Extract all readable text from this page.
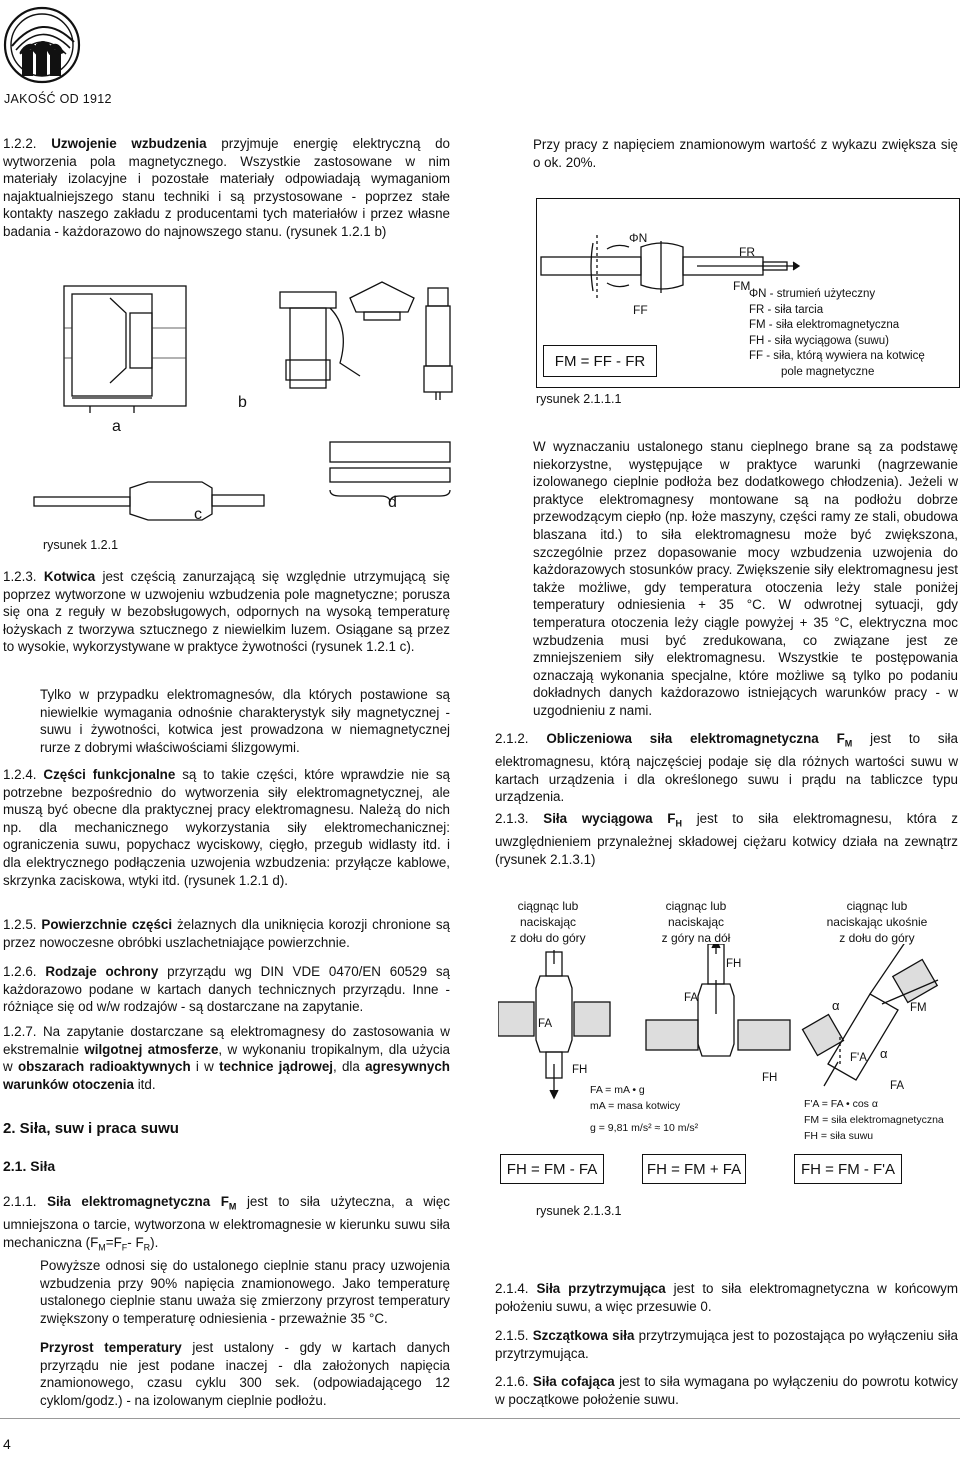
JAKOŚĆ OD 1912
1.2.2. Uzwojenie wzbudzenia przyjmuje energię elektryczną do wytworzenia pola magnetycznego. Wszystkie zastosowane w nim materiały izolacyjne i pozostałe materiały odpowiadają wymaganiom najaktualniejszego stanu techniki i są przystosowane - poprzez stałe kontakty naszego zakładu z producentami tych materiałów i przez własne badania - każdorazowo do najnowszego stanu. (rysunek 1.2.1 b)
a
b
c
d
rysunek 1.2.1
1.2.3. Kotwica jest częścią zanurzającą się względnie utrzymującą się poprzez wytworzone w uzwojeniu wzbudzenia pole magnetyczne; porusza się ona z reguły w bezobsługowych, odpornych na wysoką temperaturę łożyskach z tworzywa sztucznego z niewielkim luzem. Osiągane są przez to wysokie, wykorzystywane w praktyce żywotności (rysunek 1.2.1 c).
Tylko w przypadku elektromagnesów, dla których postawione są niewielkie wymagania odnośnie charakterystyk siły magnetycznej - suwu i żywotności, kotwica jest prowadzona w niemagnetycznej rurze z dobrymi właściwościami ślizgowymi.
1.2.4. Części funkcjonalne są to takie części, które wprawdzie nie są potrzebne bezpośrednio do wytworzenia siły elektromagnetycznej, ale muszą być obecne dla praktycznej pracy elektromagnesu. Należą do nich np. dla mechanicznego wykorzystania siły elektromechanicznej: ograniczenia suwu, popychacz wyciskowy, cięgło, przegub widlasty itd. i dla elektrycznego podłączenia uzwojenia wzbudzenia: przyłącze kablowe, skrzynka zaciskowa, wtyki itd. (rysunek 1.2.1 d).
1.2.5. Powierzchnie części żelaznych dla uniknięcia korozji chronione są przez nowoczesne obróbki uszlachetniające powierzchnie.
1.2.6. Rodzaje ochrony przyrządu wg DIN VDE 0470/EN 60529 są każdorazowo podane w kartach danych technicznych przyrządu. Inne - różniące się od w/w rodzajów - są dostarczane na zapytanie.
1.2.7. Na zapytanie dostarczane są elektromagnesy do zastosowania w ekstremalnie wilgotnej atmosferze, w wykonaniu tropikalnym, dla użycia w obszarach radioaktywnych i w technice jądrowej, dla agresywnych warunków otoczenia itd.
2. Siła, suw i praca suwu
2.1. Siła
2.1.1. Siła elektromagnetyczna $F_M$ jest to siła użyteczna, a więc umniejszona o tarcie, wytworzona w elektromagnesie w kierunku suwu siła mechaniczna ($F_M=F_F-$ $F_R$).
Powyższe odnosi się do ustalonego cieplnie stanu pracy uzwojenia wzbudzenia przy 90% napięcia znamionowego. Jako temperaturę ustalonego cieplnie stanu uważa się zmierzony przyrost temperatury zwiększony o temperaturę odniesienia - przeważnie 35 °C.
Przyrost temperatury jest ustalony - gdy w kartach danych przyrządu nie jest podane inaczej - dla założonych napięcia znamionowego, czasu cyklu 300 sek. (odpowiadającego 12 cyklom/godz.) - na izolowanym cieplnie podłożu.
Przy pracy z napięciem znamionowym wartość z wykazu zwiększa się o ok. 20%.
ΦN
FR
FF
FM
FM = FF - FR
ΦN - strumień użyteczny
FR - siła tarcia
FM - siła elektromagnetyczna
FH - siła wyciągowa (suwu)
FF - siła, którą wywiera na kotwicę
pole magnetyczne
rysunek 2.1.1.1
W wyznaczaniu ustalonego stanu cieplnego brane są za podstawę niekorzystne, występujące w praktyce warunki (nagrzewanie izolowanego cieplnie podłoża bez dodatkowego chłodzenia). Jeżeli w praktyce elektromagnesy montowane są na podłożu dobrze przewodzącym ciepło (np. łoże maszyny, części ramy ze stali, obudowa blaszana itd.) to siła elektromagnesu może być zwiększona, szczególnie przez dopasowanie mocy wzbudzenia uzwojenia do każdorazowych stosunków pracy. Zwiększenie siły elektromagnesu jest także możliwe, gdy temperatura otoczenia leży stale poniżej temperatury odniesienia + 35 °C. W odwrotnej sytuacji, gdy temperatura otoczenia leży ciągle powyżej + 35 °C, elektryczna moc wzbudzenia musi być zredukowana, co związane jest ze zmniejszeniem siły elektromagnesu. Wszystkie te postępowania oznaczają wykonania specjalne, które możliwe są tylko po podaniu dokładnych danych każdorazowo istniejących warunków pracy - w uzgodnieniu z nami.
2.1.2. Obliczeniowa siła elektromagnetyczna $F_M$ jest to siła elektromagnesu, którą najczęściej podaje się dla różnych wartości suwu w kartach urządzenia i dla określonego suwu i prądu na tabliczce typu urządzenia.
2.1.3. Siła wyciągowa $F_H$ jest to siła elektromagnesu, która z uwzględnieniem przynależnej składowej ciężaru kotwicy działa na zewnątrz (rysunek 2.1.3.1)
ciągnąc lub
naciskając
z dołu do góry
ciągnąc lub
naciskając
z góry na dół
ciągnąc lub
naciskając ukośnie
z dołu do góry
FA
FH
FH
FA
FM
α
F'A α
FH
FA
FA = mA • g
mA = masa kotwicy
g = 9,81 m/s² ≈ 10 m/s²
F'A = FA • cos α
FM = siła elektromagnetyczna
FH = siła suwu
FH = FM - FA	FH = FM + FA	FH = FM - F'A
rysunek 2.1.3.1
2.1.4. Siła przytrzymująca jest to siła elektromagnetyczna w końcowym położeniu suwu, a więc przesuwie 0.
2.1.5. Szczątkowa siła przytrzymująca jest to pozostająca po wyłączeniu siła przytrzymująca.
2.1.6. Siła cofająca jest to siła wymagana po wyłączeniu do powrotu kotwicy w początkowe położenie suwu.
4
